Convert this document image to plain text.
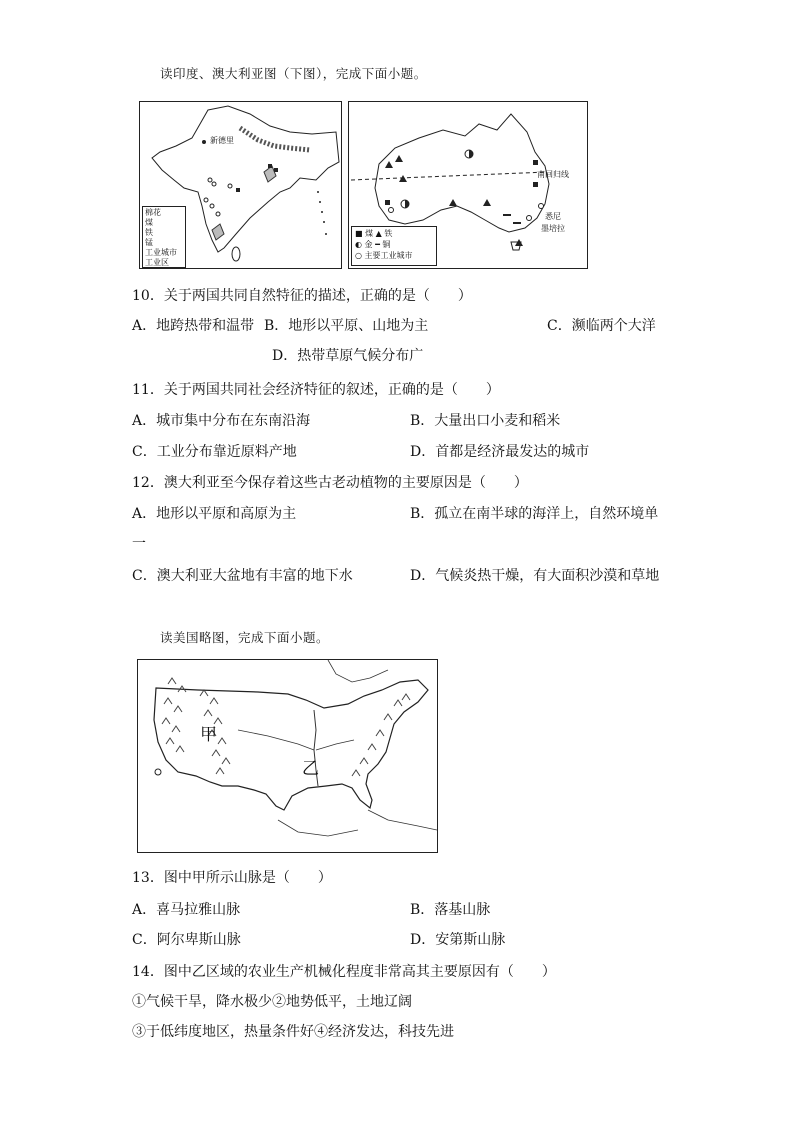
读印度、澳大利亚图（下图），完成下面小题。
新德里
棉花
煤
铁
锰
工业城市
工业区
南回归线
悉尼
墨培拉
■ 煤 ▲ 铁
◐ 金 ━ 铜
○ 主要工业城市
10．关于两国共同自然特征的描述，正确的是（　　）
A．地跨热带和温带 B．地形以平原、山地为主	C．濒临两个大洋
D．热带草原气候分布广
11．关于两国共同社会经济特征的叙述，正确的是（　　）
A．城市集中分布在东南沿海	B．大量出口小麦和稻米
C．工业分布靠近原料产地	D．首都是经济最发达的城市
12．澳大利亚至今保存着这些古老动植物的主要原因是（　　）
A．地形以平原和高原为主	B．孤立在南半球的海洋上，自然环境单
一
C．澳大利亚大盆地有丰富的地下水	D．气候炎热干燥，有大面积沙漠和草地
读美国略图，完成下面小题。
甲
乙
13．图中甲所示山脉是（　　）
A．喜马拉雅山脉	B．落基山脉
C．阿尔卑斯山脉	D．安第斯山脉
14．图中乙区域的农业生产机械化程度非常高其主要原因有（　　）
①气候干旱，降水极少②地势低平，土地辽阔
③于低纬度地区，热量条件好④经济发达，科技先进
